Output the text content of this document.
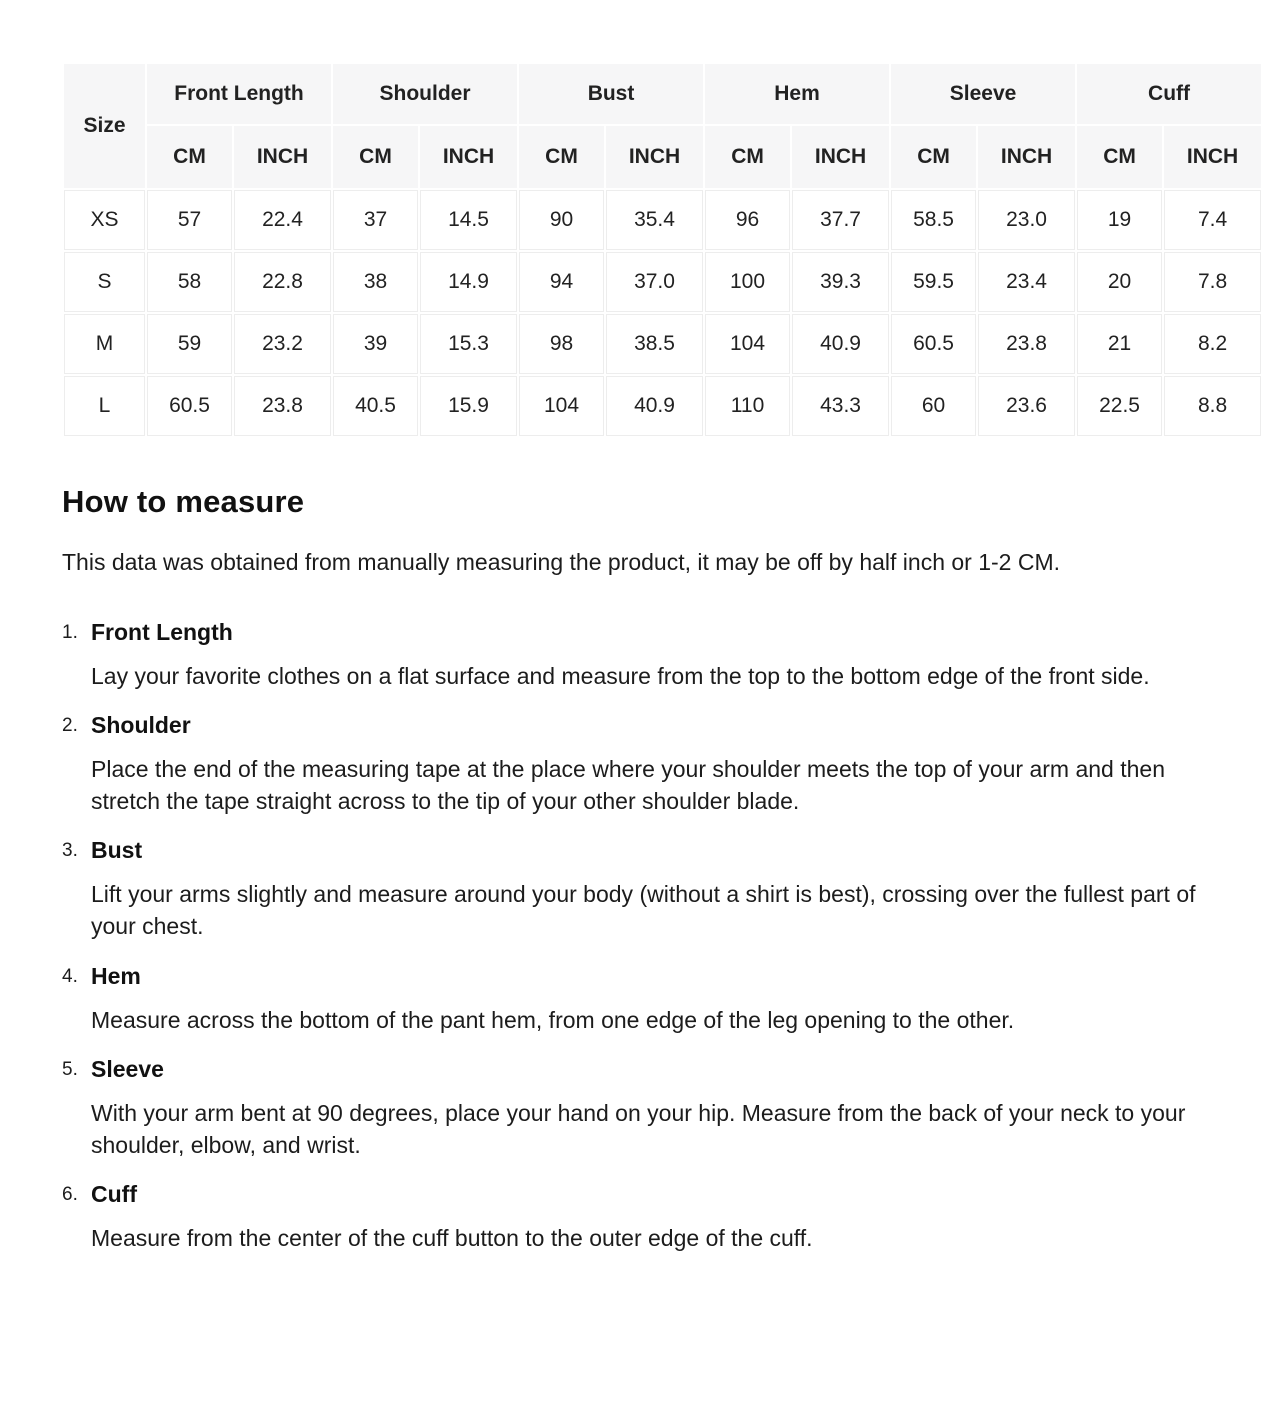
Size	Front Length		Shoulder		Bust		Hem		Sleeve		Cuff	
	CM	INCH	CM	INCH	CM	INCH	CM	INCH	CM	INCH	CM	INCH
XS	57	22.4	37	14.5	90	35.4	96	37.7	58.5	23.0	19	7.4
S	58	22.8	38	14.9	94	37.0	100	39.3	59.5	23.4	20	7.8
M	59	23.2	39	15.3	98	38.5	104	40.9	60.5	23.8	21	8.2
L	60.5	23.8	40.5	15.9	104	40.9	110	43.3	60	23.6	22.5	8.8
How to measure

This data was obtained from manually measuring the product, it may be off by half inch or 1-2 CM.

1. Front Length

Lay your favorite clothes on a flat surface and measure from the top to the bottom edge of the front side.

2. Shoulder

Place the end of the measuring tape at the place where your shoulder meets the top of your arm and then stretch the tape straight across to the tip of your other shoulder blade.

3. Bust

Lift your arms slightly and measure around your body (without a shirt is best), crossing over the fullest part of your chest.

4. Hem

Measure across the bottom of the pant hem, from one edge of the leg opening to the other.

5. Sleeve

With your arm bent at 90 degrees, place your hand on your hip. Measure from the back of your neck to your shoulder, elbow, and wrist.

6. Cuff

Measure from the center of the cuff button to the outer edge of the cuff.
